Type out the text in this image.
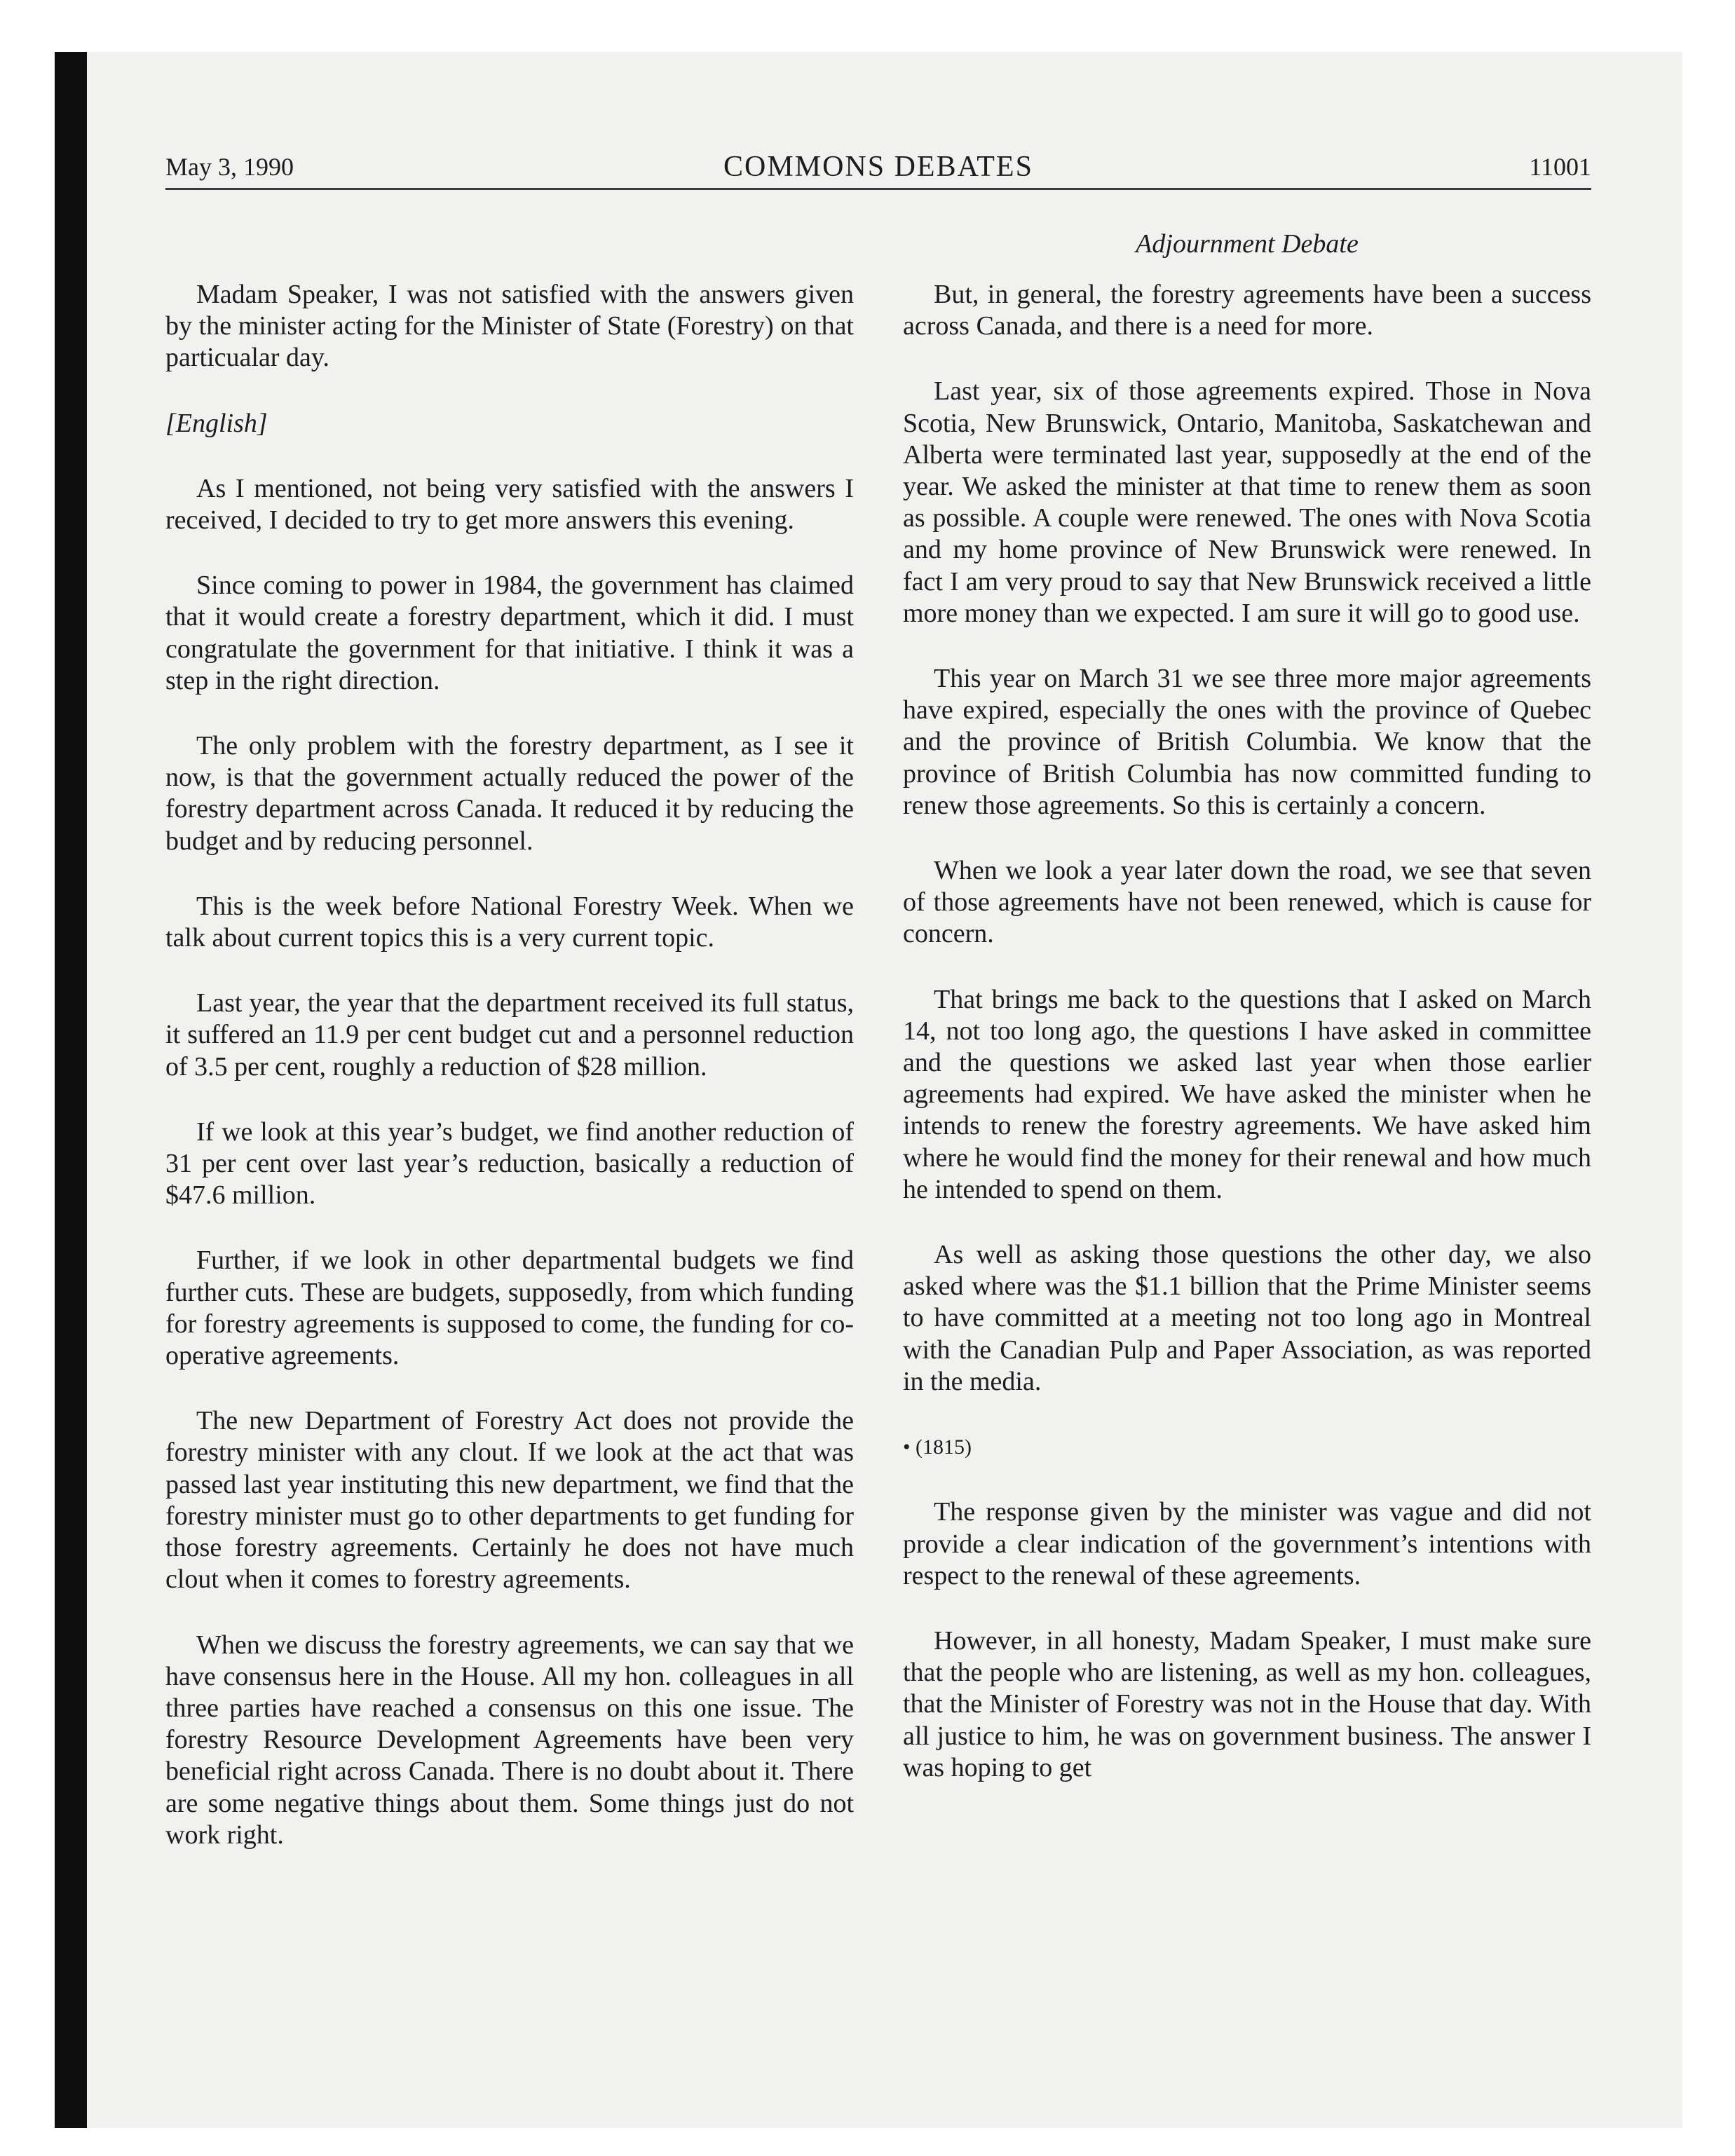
May 3, 1990	COMMONS DEBATES	11001
Adjournment Debate

Madam Speaker, I was not satisfied with the answers given by the minister acting for the Minister of State (Forestry) on that particualar day.

[English]

As I mentioned, not being very satisfied with the answers I received, I decided to try to get more answers this evening.

Since coming to power in 1984, the government has claimed that it would create a forestry department, which it did. I must congratulate the government for that initiative. I think it was a step in the right direction.

The only problem with the forestry department, as I see it now, is that the government actually reduced the power of the forestry department across Canada. It reduced it by reducing the budget and by reducing personnel.

This is the week before National Forestry Week. When we talk about current topics this is a very current topic.

Last year, the year that the department received its full status, it suffered an 11.9 per cent budget cut and a personnel reduction of 3.5 per cent, roughly a reduction of $28 million.

If we look at this year’s budget, we find another reduction of 31 per cent over last year’s reduction, basically a reduction of $47.6 million.

Further, if we look in other departmental budgets we find further cuts. These are budgets, supposedly, from which funding for forestry agreements is supposed to come, the funding for co-operative agreements.

The new Department of Forestry Act does not provide the forestry minister with any clout. If we look at the act that was passed last year instituting this new department, we find that the forestry minister must go to other departments to get funding for those forestry agreements. Certainly he does not have much clout when it comes to forestry agreements.

When we discuss the forestry agreements, we can say that we have consensus here in the House. All my hon. colleagues in all three parties have reached a consensus on this one issue. The forestry Resource Development Agreements have been very beneficial right across Canada. There is no doubt about it. There are some negative things about them. Some things just do not work right.

But, in general, the forestry agreements have been a success across Canada, and there is a need for more.

Last year, six of those agreements expired. Those in Nova Scotia, New Brunswick, Ontario, Manitoba, Saskatchewan and Alberta were terminated last year, supposedly at the end of the year. We asked the minister at that time to renew them as soon as possible. A couple were renewed. The ones with Nova Scotia and my home province of New Brunswick were renewed. In fact I am very proud to say that New Brunswick received a little more money than we expected. I am sure it will go to good use.

This year on March 31 we see three more major agreements have expired, especially the ones with the province of Quebec and the province of British Columbia. We know that the province of British Columbia has now committed funding to renew those agreements. So this is certainly a concern.

When we look a year later down the road, we see that seven of those agreements have not been renewed, which is cause for concern.

That brings me back to the questions that I asked on March 14, not too long ago, the questions I have asked in committee and the questions we asked last year when those earlier agreements had expired. We have asked the minister when he intends to renew the forestry agreements. We have asked him where he would find the money for their renewal and how much he intended to spend on them.

As well as asking those questions the other day, we also asked where was the $1.1 billion that the Prime Minister seems to have committed at a meeting not too long ago in Montreal with the Canadian Pulp and Paper Association, as was reported in the media.

• (1815)

The response given by the minister was vague and did not provide a clear indication of the government’s intentions with respect to the renewal of these agreements.

However, in all honesty, Madam Speaker, I must make sure that the people who are listening, as well as my hon. colleagues, that the Minister of Forestry was not in the House that day. With all justice to him, he was on government business. The answer I was hoping to get
